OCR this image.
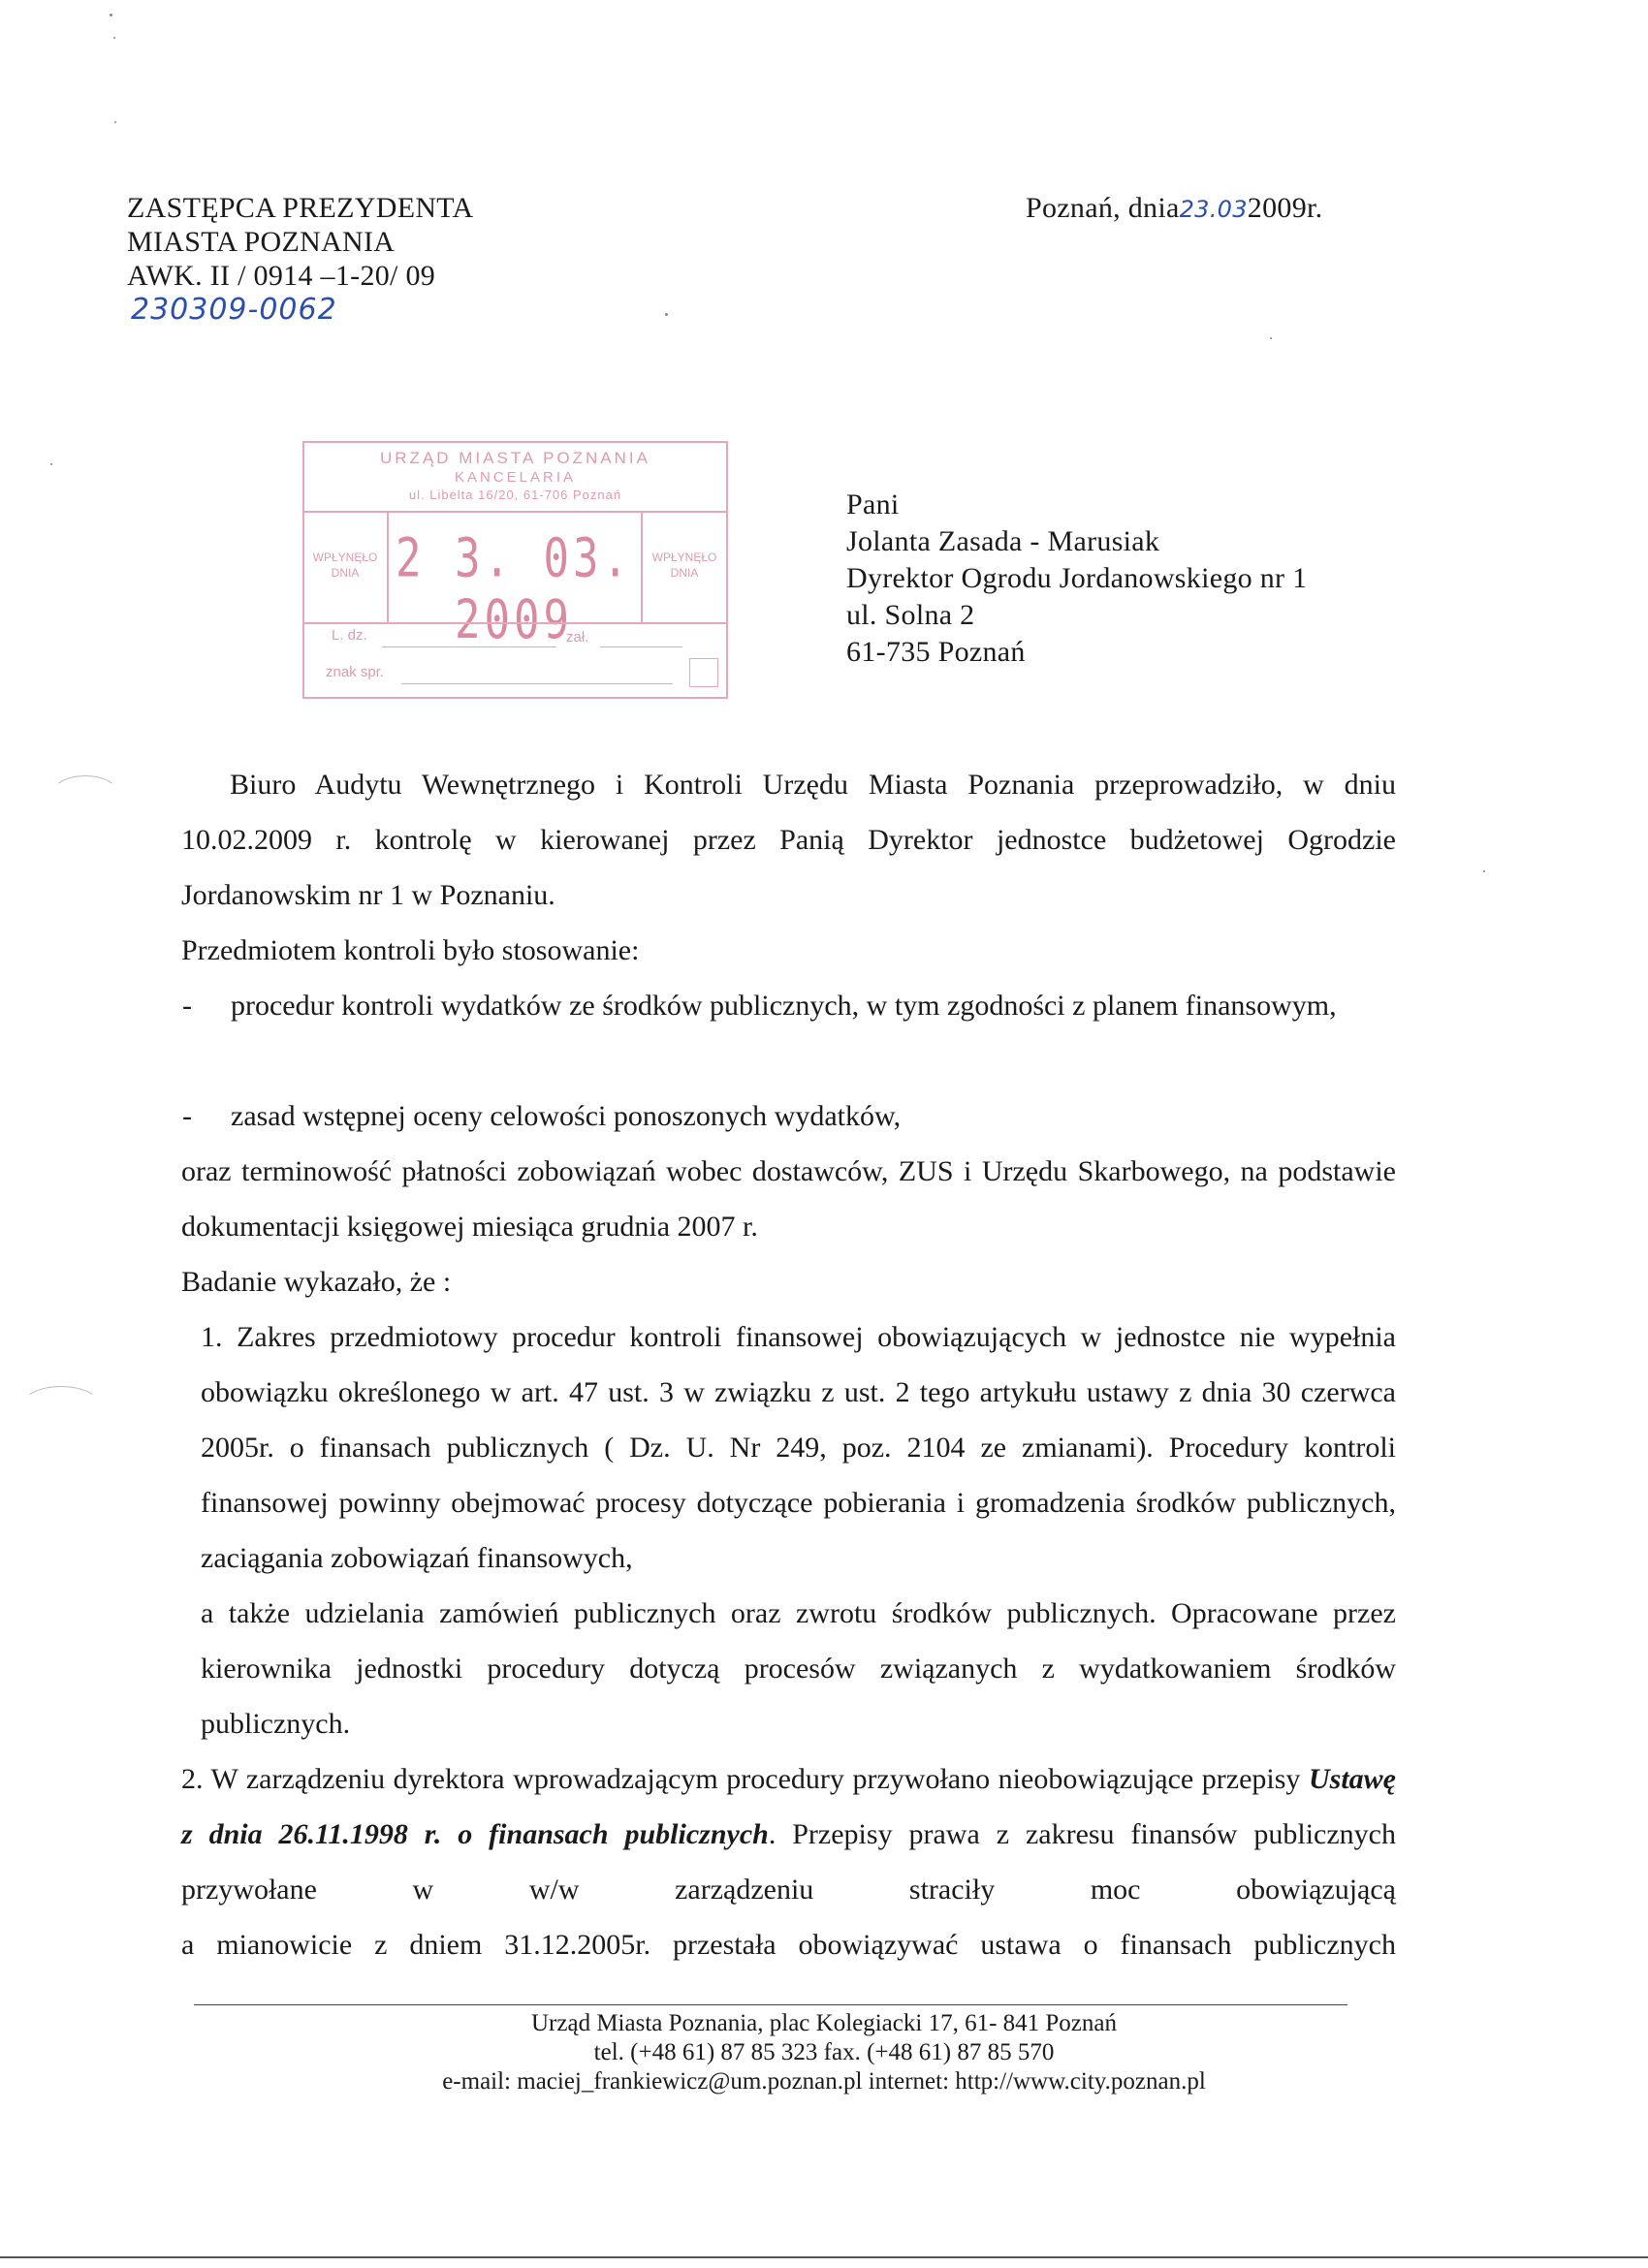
ZASTĘPCA PREZYDENTA
MIASTA POZNANIA
AWK. II / 0914 –1-20/ 09
230309-0062
Poznań, dnia23.032009r.
URZĄD MIASTA POZNANIA
KANCELARIA
ul. Libelta 16/20, 61-706 Poznań
WPŁYNĘŁO
DNIA 2 3. 03. 2009
WPŁYNĘŁO
DNIA
L. dz.	zał.
znak spr.
Pani
Jolanta Zasada - Marusiak
Dyrektor Ogrodu Jordanowskiego nr 1
ul. Solna 2
61-735 Poznań
Biuro Audytu Wewnętrznego i Kontroli Urzędu Miasta Poznania przeprowadziło, w dniu 10.02.2009 r. kontrolę w kierowanej przez Panią Dyrektor jednostce budżetowej Ogrodzie Jordanowskim nr 1 w Poznaniu.
Przedmiotem kontroli było stosowanie:
- procedur kontroli wydatków ze środków publicznych, w tym zgodności z planem finansowym,
- zasad wstępnej oceny celowości ponoszonych wydatków,
oraz terminowość płatności zobowiązań wobec dostawców, ZUS i Urzędu Skarbowego, na podstawie dokumentacji księgowej miesiąca grudnia 2007 r.
Badanie wykazało, że :
1. Zakres przedmiotowy procedur kontroli finansowej obowiązujących w jednostce nie wypełnia obowiązku określonego w art. 47 ust. 3 w związku z ust. 2 tego artykułu ustawy z dnia 30 czerwca 2005r. o finansach publicznych ( Dz. U. Nr 249, poz. 2104 ze zmianami). Procedury kontroli finansowej powinny obejmować procesy dotyczące pobierania i gromadzenia środków publicznych, zaciągania zobowiązań finansowych,
a także udzielania zamówień publicznych oraz zwrotu środków publicznych. Opracowane przez kierownika jednostki procedury dotyczą procesów związanych z wydatkowaniem środków publicznych.
2. W zarządzeniu dyrektora wprowadzającym procedury przywołano nieobowiązujące przepisy Ustawę z dnia 26.11.1998 r. o finansach publicznych. Przepisy prawa z zakresu finansów publicznych przywołane w w/w zarządzeniu straciły moc obowiązującą
a mianowicie z dniem 31.12.2005r. przestała obowiązywać ustawa o finansach publicznych
Urząd Miasta Poznania, plac Kolegiacki 17, 61- 841 Poznań
tel. (+48 61) 87 85 323 fax. (+48 61) 87 85 570
e-mail: maciej_frankiewicz@um.poznan.pl internet: http://www.city.poznan.pl
